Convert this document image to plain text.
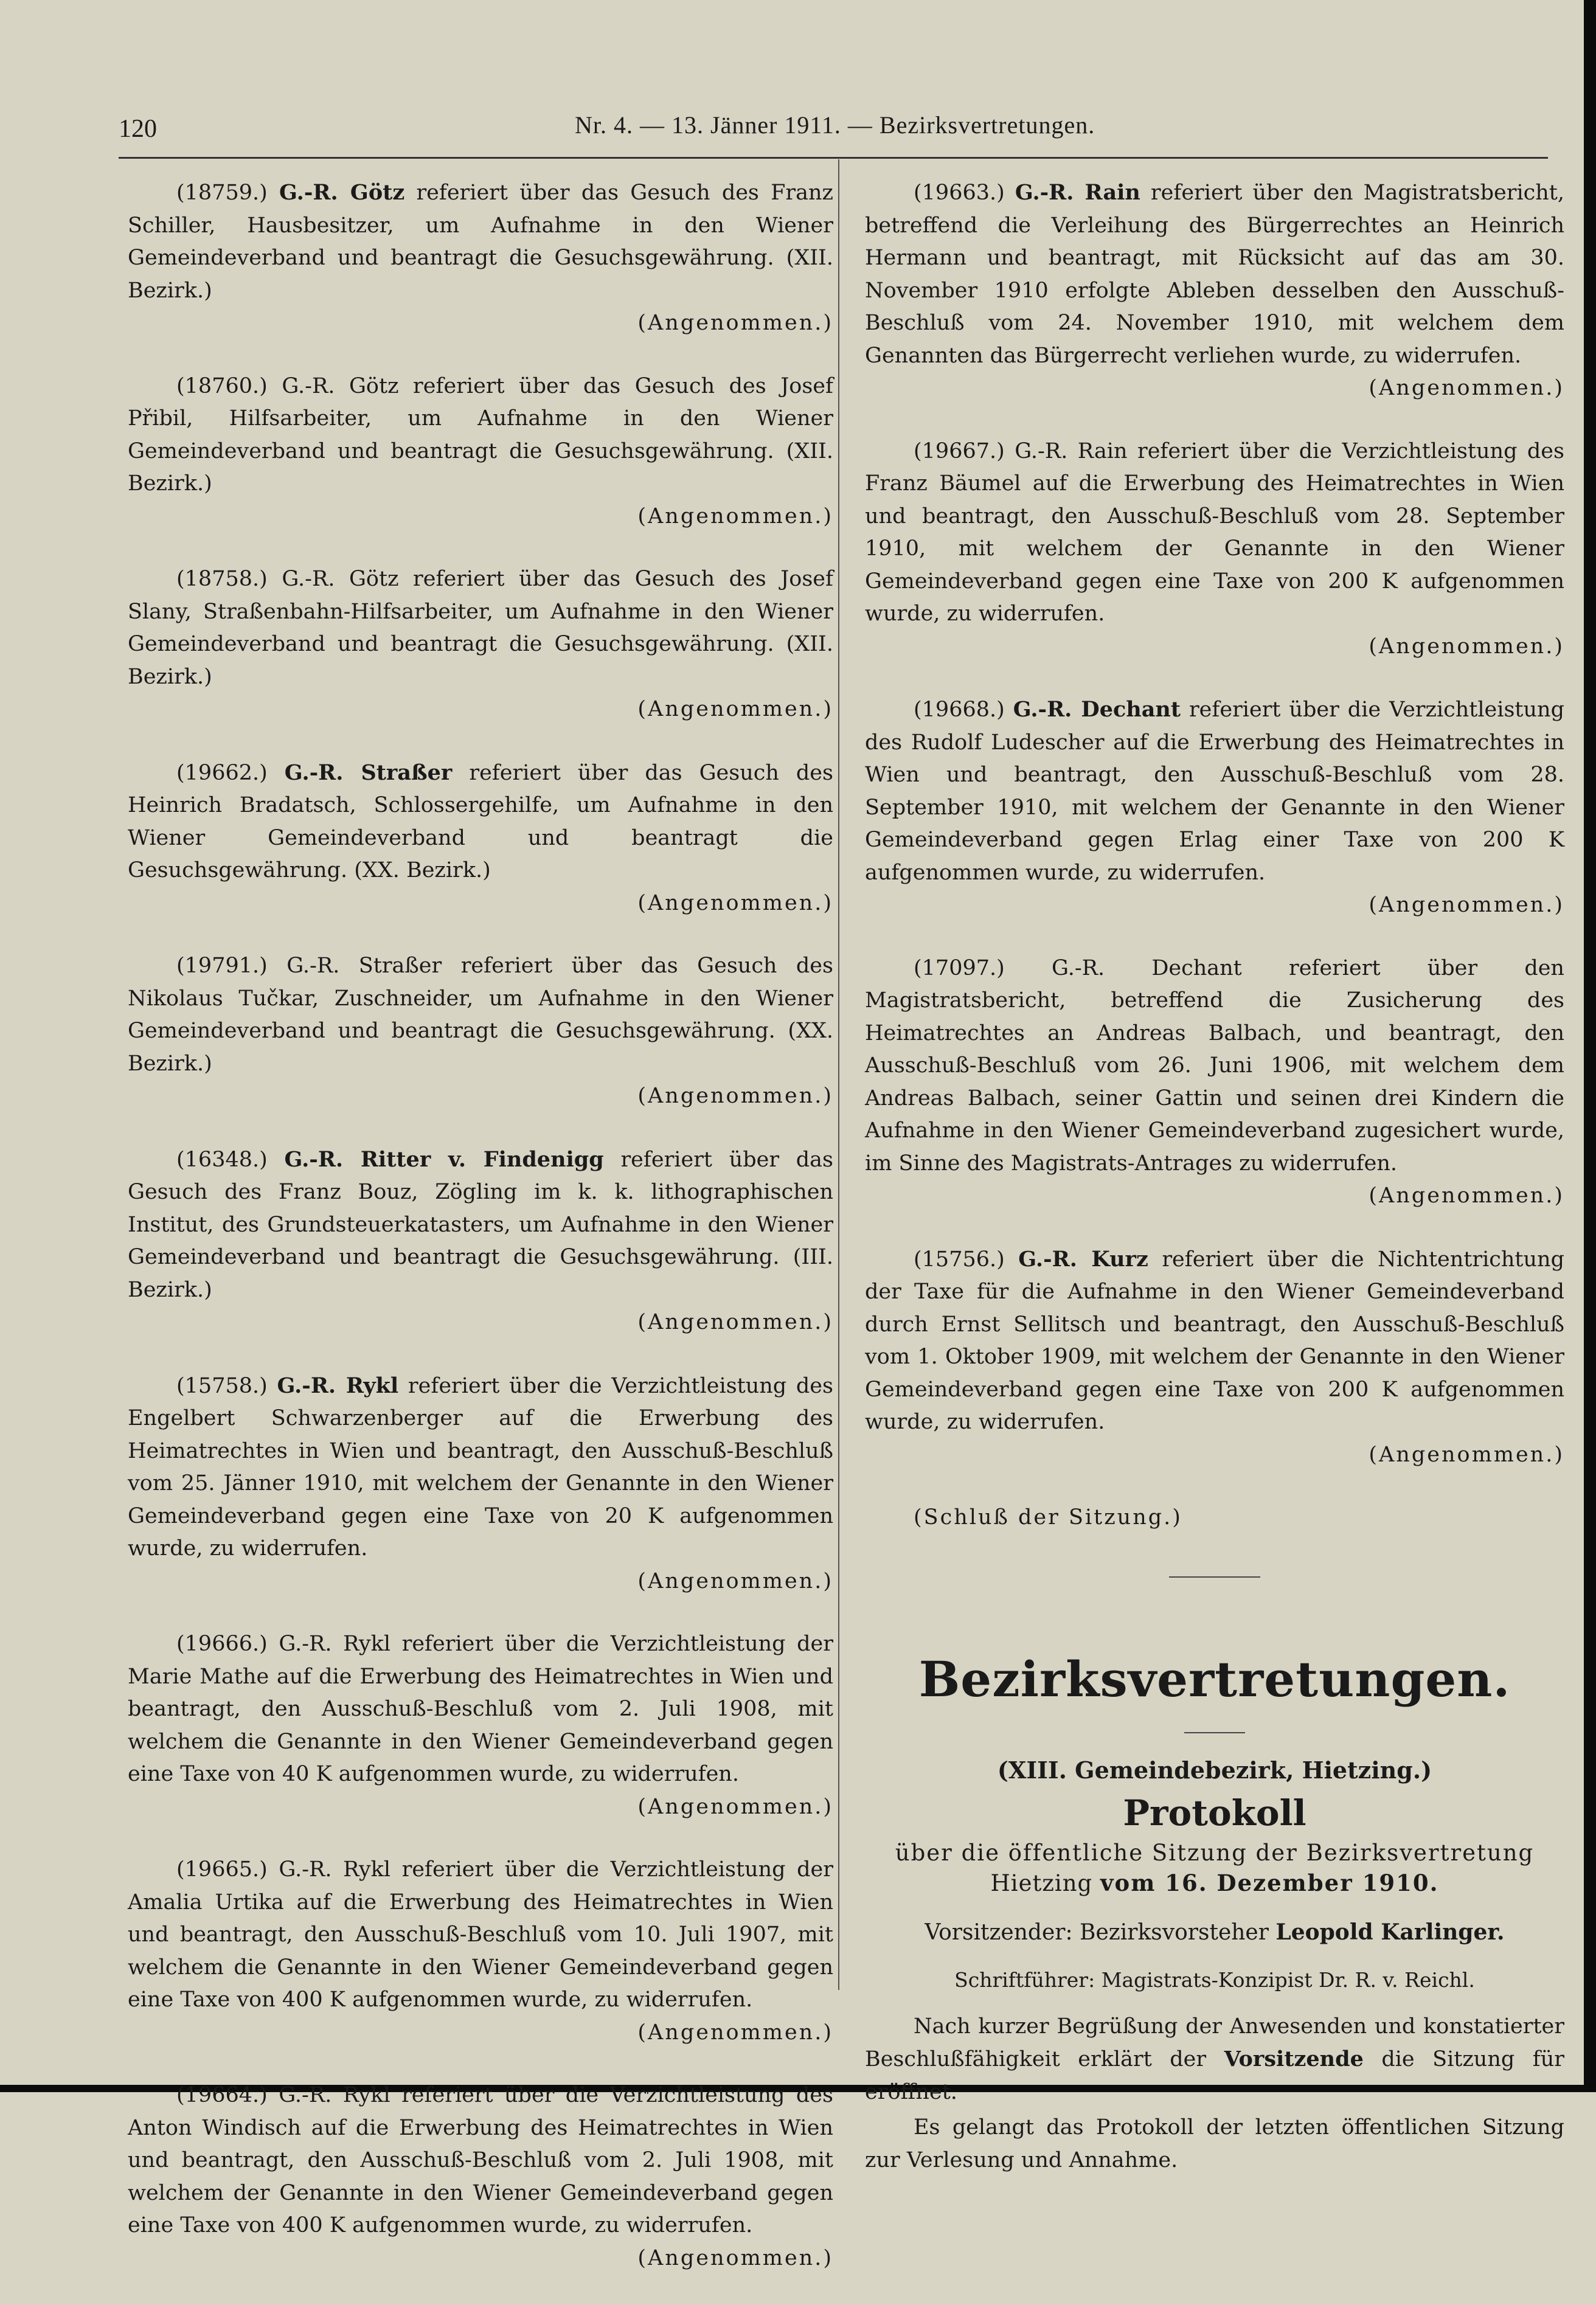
120	Nr. 4. — 13. Jänner 1911. — Bezirksvertretungen.
(18759.) G.-R. Götz referiert über das Gesuch des Franz Schiller, Hausbesitzer, um Aufnahme in den Wiener Gemeindeverband und beantragt die Gesuchsgewährung. (XII. Bezirk.)
(Angenommen.)
(18760.) G.-R. Götz referiert über das Gesuch des Josef Přibil, Hilfsarbeiter, um Aufnahme in den Wiener Gemeindeverband und beantragt die Gesuchsgewährung. (XII. Bezirk.)
(Angenommen.)
(18758.) G.-R. Götz referiert über das Gesuch des Josef Slany, Straßenbahn-Hilfsarbeiter, um Aufnahme in den Wiener Gemeindeverband und beantragt die Gesuchsgewährung. (XII. Bezirk.)
(Angenommen.)
(19662.) G.-R. Straßer referiert über das Gesuch des Heinrich Bradatsch, Schlossergehilfe, um Aufnahme in den Wiener Gemeindeverband und beantragt die Gesuchsgewährung. (XX. Bezirk.)
(Angenommen.)
(19791.) G.-R. Straßer referiert über das Gesuch des Nikolaus Tučkar, Zuschneider, um Aufnahme in den Wiener Gemeindeverband und beantragt die Gesuchsgewährung. (XX. Bezirk.)
(Angenommen.)
(16348.) G.-R. Ritter v. Findenigg referiert über das Gesuch des Franz Bouz, Zögling im k. k. lithographischen Institut, des Grundsteuerkatasters, um Aufnahme in den Wiener Gemeindeverband und beantragt die Gesuchsgewährung. (III. Bezirk.)
(Angenommen.)
(15758.) G.-R. Rykl referiert über die Verzichtleistung des Engelbert Schwarzenberger auf die Erwerbung des Heimatrechtes in Wien und beantragt, den Ausschuß-Beschluß vom 25. Jänner 1910, mit welchem der Genannte in den Wiener Gemeindeverband gegen eine Taxe von 20 K aufgenommen wurde, zu widerrufen.
(Angenommen.)
(19666.) G.-R. Rykl referiert über die Verzichtleistung der Marie Mathe auf die Erwerbung des Heimatrechtes in Wien und beantragt, den Ausschuß-Beschluß vom 2. Juli 1908, mit welchem die Genannte in den Wiener Gemeindeverband gegen eine Taxe von 40 K aufgenommen wurde, zu widerrufen.
(Angenommen.)
(19665.) G.-R. Rykl referiert über die Verzichtleistung der Amalia Urtika auf die Erwerbung des Heimatrechtes in Wien und beantragt, den Ausschuß-Beschluß vom 10. Juli 1907, mit welchem die Genannte in den Wiener Gemeindeverband gegen eine Taxe von 400 K aufgenommen wurde, zu widerrufen.
(Angenommen.)
(19664.) G.-R. Rykl referiert über die Verzichtleistung des Anton Windisch auf die Erwerbung des Heimatrechtes in Wien und beantragt, den Ausschuß-Beschluß vom 2. Juli 1908, mit welchem der Genannte in den Wiener Gemeindeverband gegen eine Taxe von 400 K aufgenommen wurde, zu widerrufen.
(Angenommen.)
(19663.) G.-R. Rain referiert über den Magistratsbericht, betreffend die Verleihung des Bürgerrechtes an Heinrich Hermann und beantragt, mit Rücksicht auf das am 30. November 1910 erfolgte Ableben desselben den Ausschuß-Beschluß vom 24. November 1910, mit welchem dem Genannten das Bürgerrecht verliehen wurde, zu widerrufen.
(Angenommen.)
(19667.) G.-R. Rain referiert über die Verzichtleistung des Franz Bäumel auf die Erwerbung des Heimatrechtes in Wien und beantragt, den Ausschuß-Beschluß vom 28. September 1910, mit welchem der Genannte in den Wiener Gemeindeverband gegen eine Taxe von 200 K aufgenommen wurde, zu widerrufen.
(Angenommen.)
(19668.) G.-R. Dechant referiert über die Verzichtleistung des Rudolf Ludescher auf die Erwerbung des Heimatrechtes in Wien und beantragt, den Ausschuß-Beschluß vom 28. September 1910, mit welchem der Genannte in den Wiener Gemeindeverband gegen Erlag einer Taxe von 200 K aufgenommen wurde, zu widerrufen.
(Angenommen.)
(17097.) G.-R. Dechant referiert über den Magistratsbericht, betreffend die Zusicherung des Heimatrechtes an Andreas Balbach, und beantragt, den Ausschuß-Beschluß vom 26. Juni 1906, mit welchem dem Andreas Balbach, seiner Gattin und seinen drei Kindern die Aufnahme in den Wiener Gemeindeverband zugesichert wurde, im Sinne des Magistrats-Antrages zu widerrufen.
(Angenommen.)
(15756.) G.-R. Kurz referiert über die Nichtentrichtung der Taxe für die Aufnahme in den Wiener Gemeindeverband durch Ernst Sellitsch und beantragt, den Ausschuß-Beschluß vom 1. Oktober 1909, mit welchem der Genannte in den Wiener Gemeindeverband gegen eine Taxe von 200 K aufgenommen wurde, zu widerrufen.
(Angenommen.)
(Schluß der Sitzung.)
Bezirksvertretungen.
(XIII. Gemeindebezirk, Hietzing.)
Protokoll
über die öffentliche Sitzung der Bezirksvertretung
Hietzing vom 16. Dezember 1910.
Vorsitzender: Bezirksvorsteher Leopold Karlinger.
Schriftführer: Magistrats-Konzipist Dr. R. v. Reichl.
Nach kurzer Begrüßung der Anwesenden und konstatierter Beschlußfähigkeit erklärt der Vorsitzende die Sitzung für eröffnet.
Es gelangt das Protokoll der letzten öffentlichen Sitzung zur Verlesung und Annahme.
